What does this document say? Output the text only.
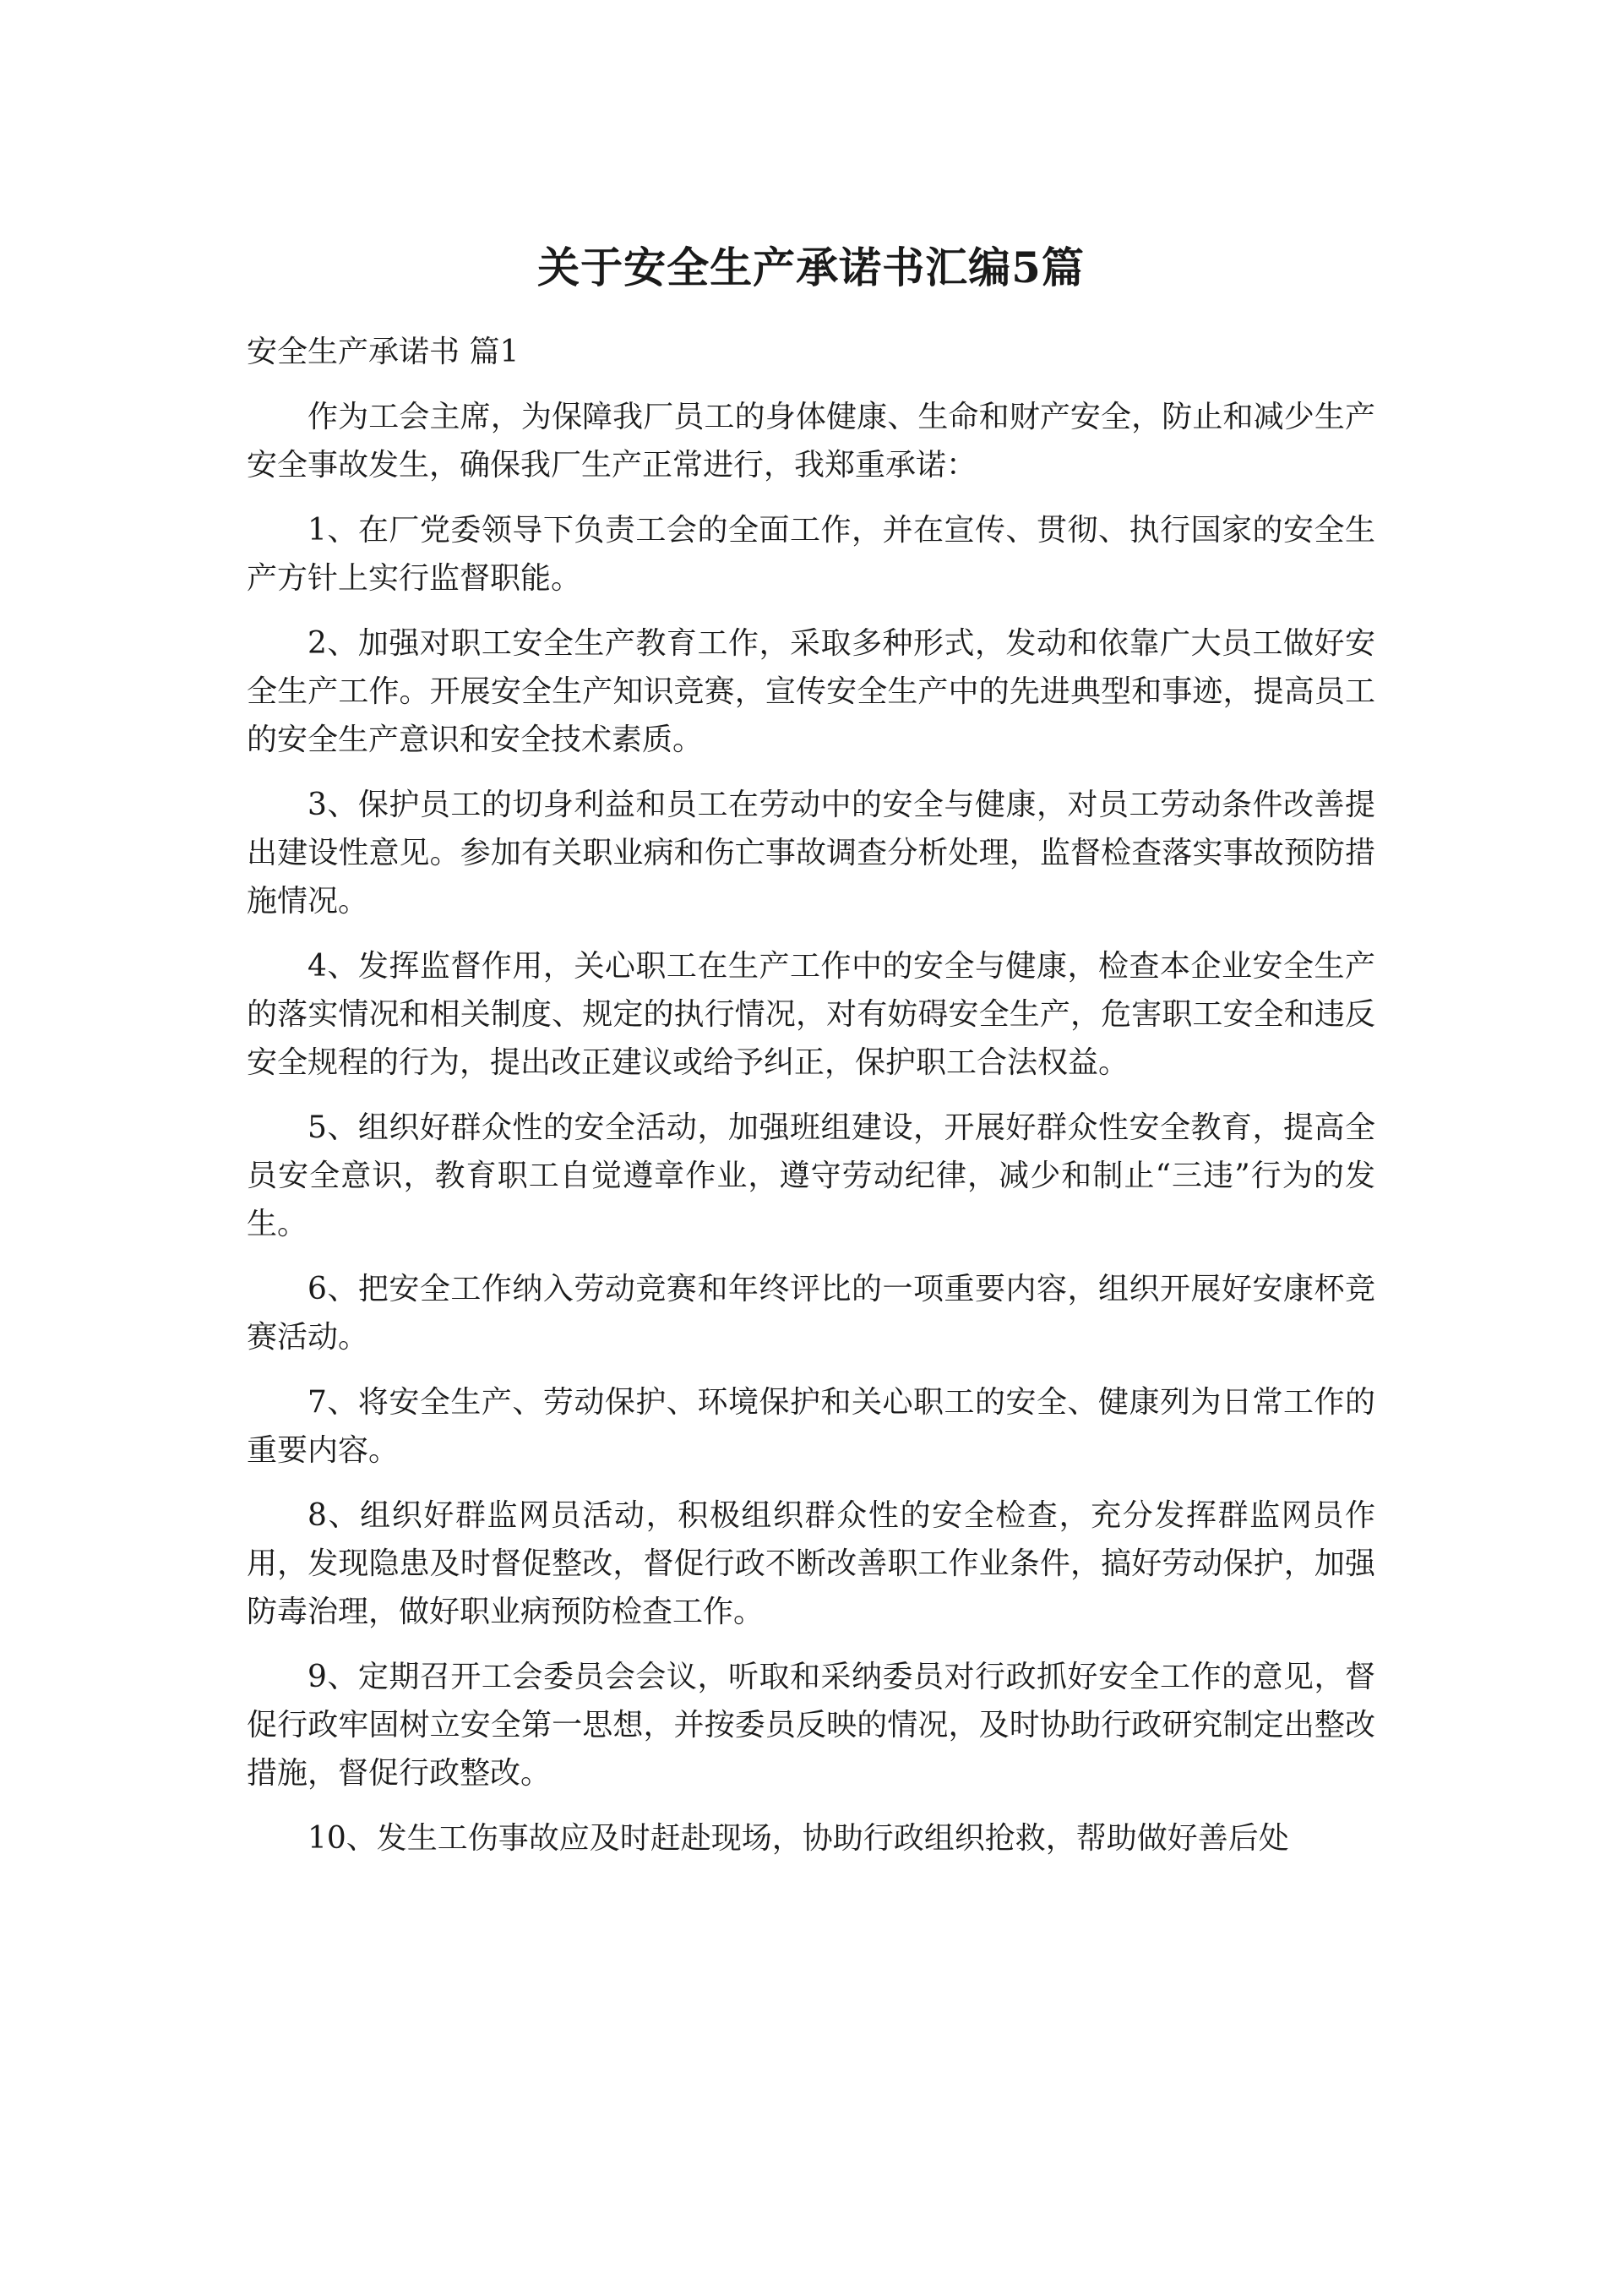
关于安全生产承诺书汇编5篇

安全生产承诺书 篇1

作为工会主席，为保障我厂员工的身体健康、生命和财产安全，防止和减少生产安全事故发生，确保我厂生产正常进行，我郑重承诺：

1、在厂党委领导下负责工会的全面工作，并在宣传、贯彻、执行国家的安全生产方针上实行监督职能。

2、加强对职工安全生产教育工作，采取多种形式，发动和依靠广大员工做好安全生产工作。开展安全生产知识竞赛，宣传安全生产中的先进典型和事迹，提高员工的安全生产意识和安全技术素质。

3、保护员工的切身利益和员工在劳动中的安全与健康，对员工劳动条件改善提出建设性意见。参加有关职业病和伤亡事故调查分析处理，监督检查落实事故预防措施情况。

4、发挥监督作用，关心职工在生产工作中的安全与健康，检查本企业安全生产的落实情况和相关制度、规定的执行情况，对有妨碍安全生产，危害职工安全和违反安全规程的行为，提出改正建议或给予纠正，保护职工合法权益。

5、组织好群众性的安全活动，加强班组建设，开展好群众性安全教育，提高全员安全意识，教育职工自觉遵章作业，遵守劳动纪律，减少和制止“三违”行为的发生。

6、把安全工作纳入劳动竞赛和年终评比的一项重要内容，组织开展好安康杯竞赛活动。

7、将安全生产、劳动保护、环境保护和关心职工的安全、健康列为日常工作的重要内容。

8、组织好群监网员活动，积极组织群众性的安全检查，充分发挥群监网员作用，发现隐患及时督促整改，督促行政不断改善职工作业条件，搞好劳动保护，加强防毒治理，做好职业病预防检查工作。

9、定期召开工会委员会会议，听取和采纳委员对行政抓好安全工作的意见，督促行政牢固树立安全第一思想，并按委员反映的情况，及时协助行政研究制定出整改措施，督促行政整改。

10、发生工伤事故应及时赶赴现场，协助行政组织抢救，帮助做好善后处
